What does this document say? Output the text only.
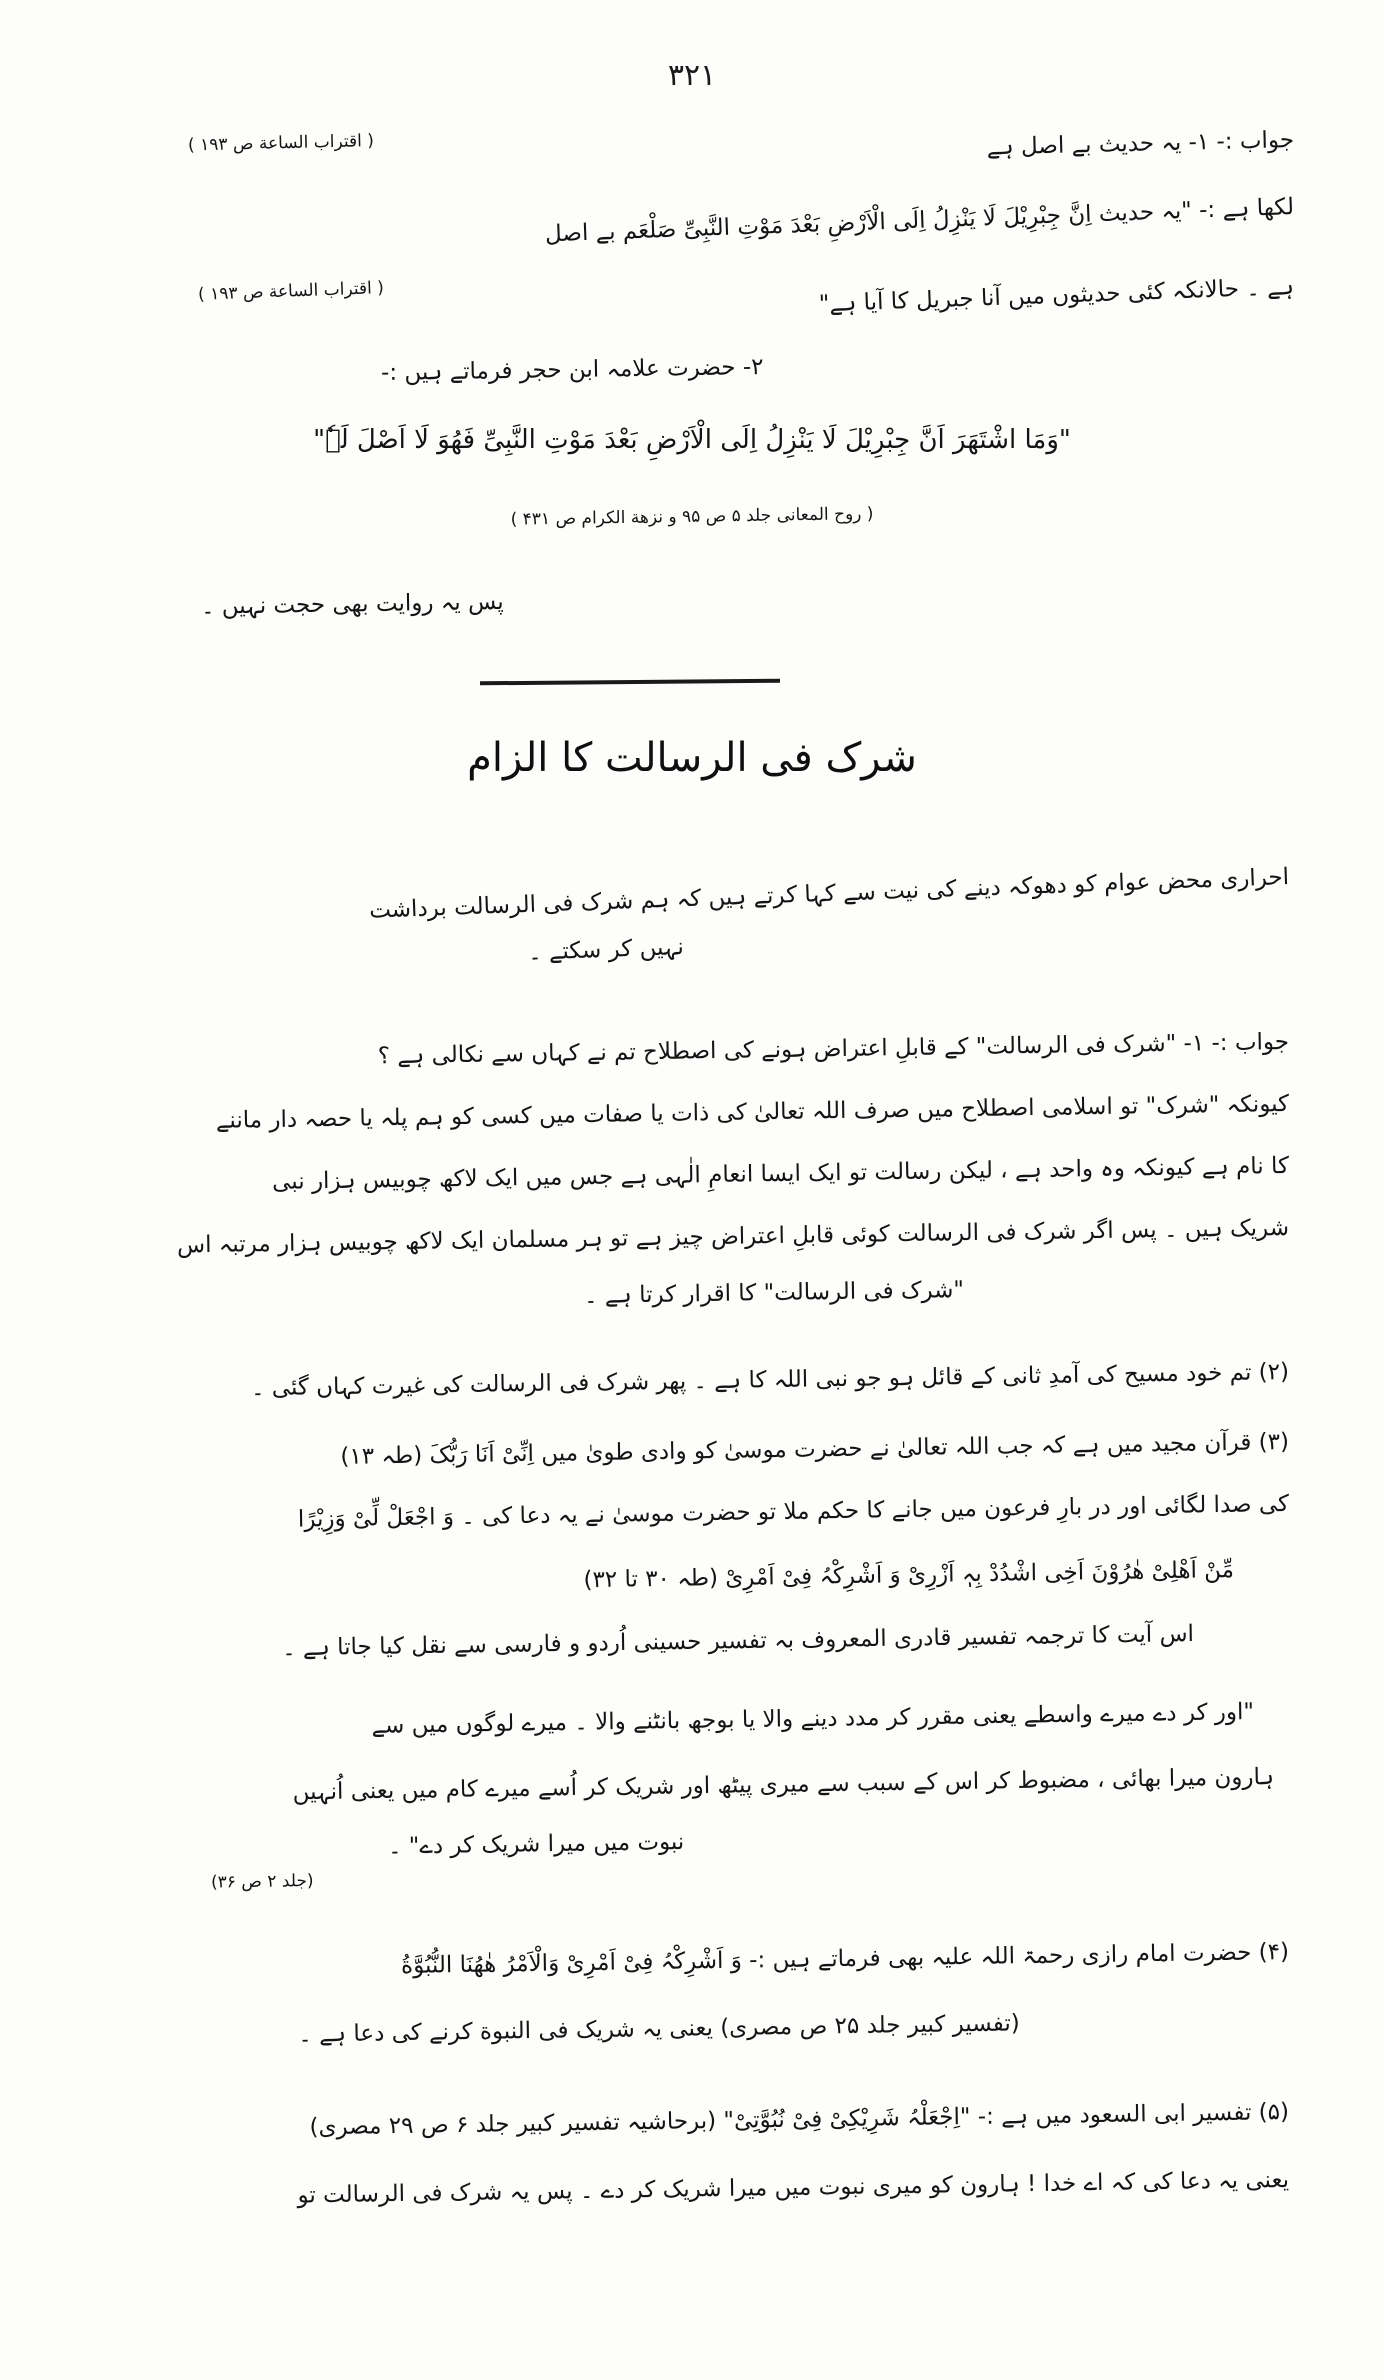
۳۲۱
جواب :- ۱- یہ حدیث بے اصل ہے
( اقتراب الساعة ص ۱۹۳ )
لکھا ہے :- "یہ حدیث اِنَّ جِبْرِیْلَ لَا یَنْزِلُ اِلَی الْاَرْضِ بَعْدَ مَوْتِ النَّبِیِّ صَلْعَم بے اصل
ہے ۔ حالانکہ کئی حدیثوں میں آنا جبریل کا آیا ہے"
( اقتراب الساعة ص ۱۹۳ )
۲- حضرت علامہ ابن حجر فرماتے ہیں :-
"وَمَا اشْتَھَرَ اَنَّ جِبْرِیْلَ لَا یَنْزِلُ اِلَی الْاَرْضِ بَعْدَ مَوْتِ النَّبِیِّ فَھُوَ لَا اَصْلَ لَہٗ"
( روح المعانی جلد ۵ ص ۹۵ و نزھة الکرام ص ۴۳۱ )
پس یہ روایت بھی حجت نہیں ۔
شرک فی الرسالت کا الزام
احراری محض عوام کو دھوکہ دینے کی نیت سے کہا کرتے ہیں کہ ہم شرک فی الرسالت برداشت
نہیں کر سکتے ۔
جواب :- ۱- "شرک فی الرسالت" کے قابلِ اعتراض ہونے کی اصطلاح تم نے کہاں سے نکالی ہے ؟
کیونکہ "شرک" تو اسلامی اصطلاح میں صرف اللہ تعالیٰ کی ذات یا صفات میں کسی کو ہم پلہ یا حصہ دار ماننے
کا نام ہے کیونکہ وہ واحد ہے ، لیکن رسالت تو ایک ایسا انعامِ الٰہی ہے جس میں ایک لاکھ چوبیس ہزار نبی
شریک ہیں ۔ پس اگر شرک فی الرسالت کوئی قابلِ اعتراض چیز ہے تو ہر مسلمان ایک لاکھ چوبیس ہزار مرتبہ اس
"شرک فی الرسالت" کا اقرار کرتا ہے ۔
(۲) تم خود مسیح کی آمدِ ثانی کے قائل ہو جو نبی اللہ کا ہے ۔ پھر شرک فی الرسالت کی غیرت کہاں گئی ۔
(۳) قرآن مجید میں ہے کہ جب اللہ تعالیٰ نے حضرت موسیٰ کو وادی طویٰ میں اِنِّیْ اَنَا رَبُّکَ (طہ ۱۳)
کی صدا لگائی اور در بارِ فرعون میں جانے کا حکم ملا تو حضرت موسیٰ نے یہ دعا کی ۔ وَ اجْعَلْ لِّیْ وَزِیْرًا
مِّنْ اَھْلِیْ ھٰرُوْنَ اَخِی اشْدُدْ بِہٖ اَزْرِیْ وَ اَشْرِکْہُ فِیْ اَمْرِیْ (طہ ۳۰ تا ۳۲)
اس آیت کا ترجمہ تفسیر قادری المعروف بہ تفسیر حسینی اُردو و فارسی سے نقل کیا جاتا ہے ۔
"اور کر دے میرے واسطے یعنی مقرر کر مدد دینے والا یا بوجھ بانٹنے والا ۔ میرے لوگوں میں سے
ہارون میرا بھائی ، مضبوط کر اس کے سبب سے میری پیٹھ اور شریک کر اُسے میرے کام میں یعنی اُنہیں
نبوت میں میرا شریک کر دے" ۔
(جلد ۲ ص ۳۶)
(۴) حضرت امام رازی رحمۃ اللہ علیہ بھی فرماتے ہیں :- وَ اَشْرِکْہُ فِیْ اَمْرِیْ وَالْاَمْرُ ھٰھُنَا النُّبُوَّةُ
(تفسیر کبیر جلد ۲۵ ص مصری) یعنی یہ شریک فی النبوة کرنے کی دعا ہے ۔
(۵) تفسیر ابی السعود میں ہے :- "اِجْعَلْہُ شَرِیْکِیْ فِیْ نُبُوَّتِیْ" (برحاشیہ تفسیر کبیر جلد ۶ ص ۲۹ مصری)
یعنی یہ دعا کی کہ اے خدا ! ہارون کو میری نبوت میں میرا شریک کر دے ۔ پس یہ شرک فی الرسالت تو
